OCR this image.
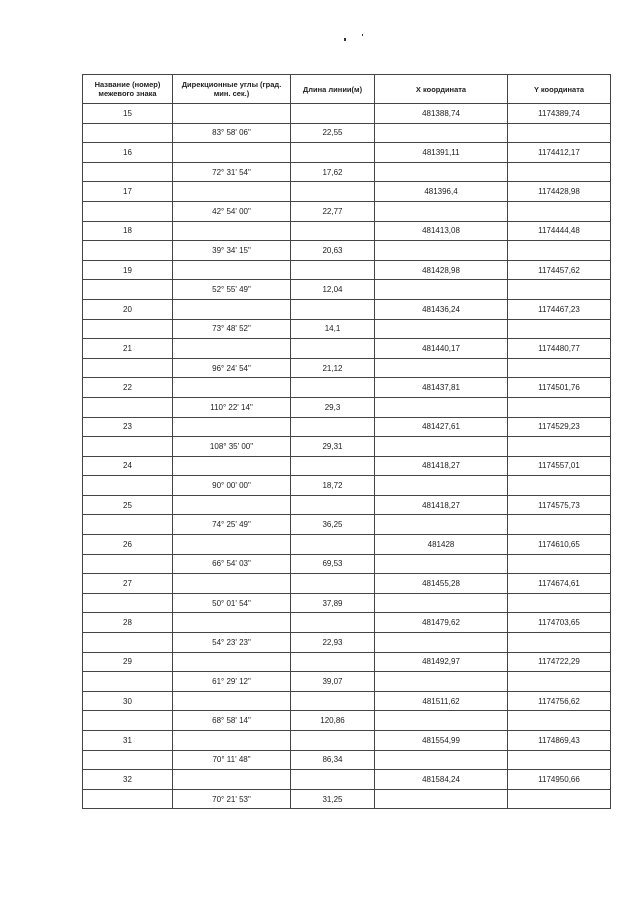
Название (номер) межевого знака	Дирекционные углы (град. мин. сек.)	Длина линии(м)	X координата	Y координата
15			481388,74	1174389,74
	83° 58' 06"	22,55		
16			481391,11	1174412,17
	72° 31' 54"	17,62		
17			481396,4	1174428,98
	42° 54' 00"	22,77		
18			481413,08	1174444,48
	39° 34' 15"	20,63		
19			481428,98	1174457,62
	52° 55' 49"	12,04		
20			481436,24	1174467,23
	73° 48' 52"	14,1		
21			481440,17	1174480,77
	96° 24' 54"	21,12		
22			481437,81	1174501,76
	110° 22' 14"	29,3		
23			481427,61	1174529,23
	108° 35' 00"	29,31		
24			481418,27	1174557,01
	90° 00' 00"	18,72		
25			481418,27	1174575,73
	74° 25' 49"	36,25		
26			481428	1174610,65
	66° 54' 03"	69,53		
27			481455,28	1174674,61
	50° 01' 54"	37,89		
28			481479,62	1174703,65
	54° 23' 23"	22,93		
29			481492,97	1174722,29
	61° 29' 12"	39,07		
30			481511,62	1174756,62
	68° 58' 14"	120,86		
31			481554,99	1174869,43
	70° 11' 48"	86,34		
32			481584,24	1174950,66
	70° 21' 53"	31,25		
